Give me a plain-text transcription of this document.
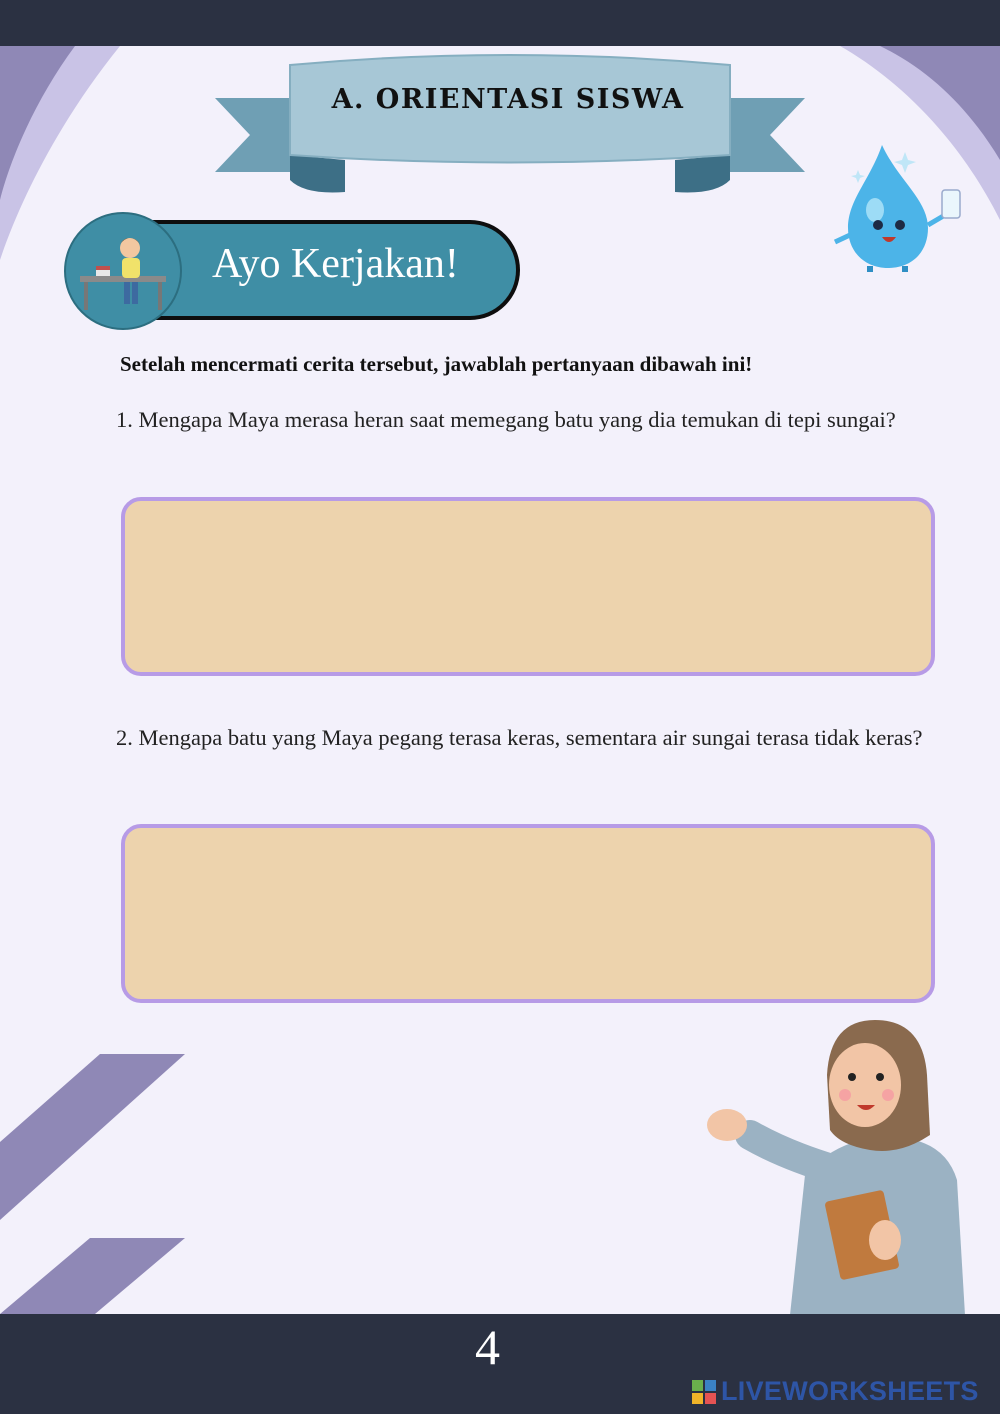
A. ORIENTASI SISWA
Ayo Kerjakan!
Setelah mencermati cerita tersebut, jawablah pertanyaan dibawah ini!
1. Mengapa Maya merasa heran saat memegang batu yang dia temukan di tepi sungai?
2. Mengapa batu yang Maya pegang terasa keras, sementara air sungai terasa tidak keras?
4
LIVEWORKSHEETS
